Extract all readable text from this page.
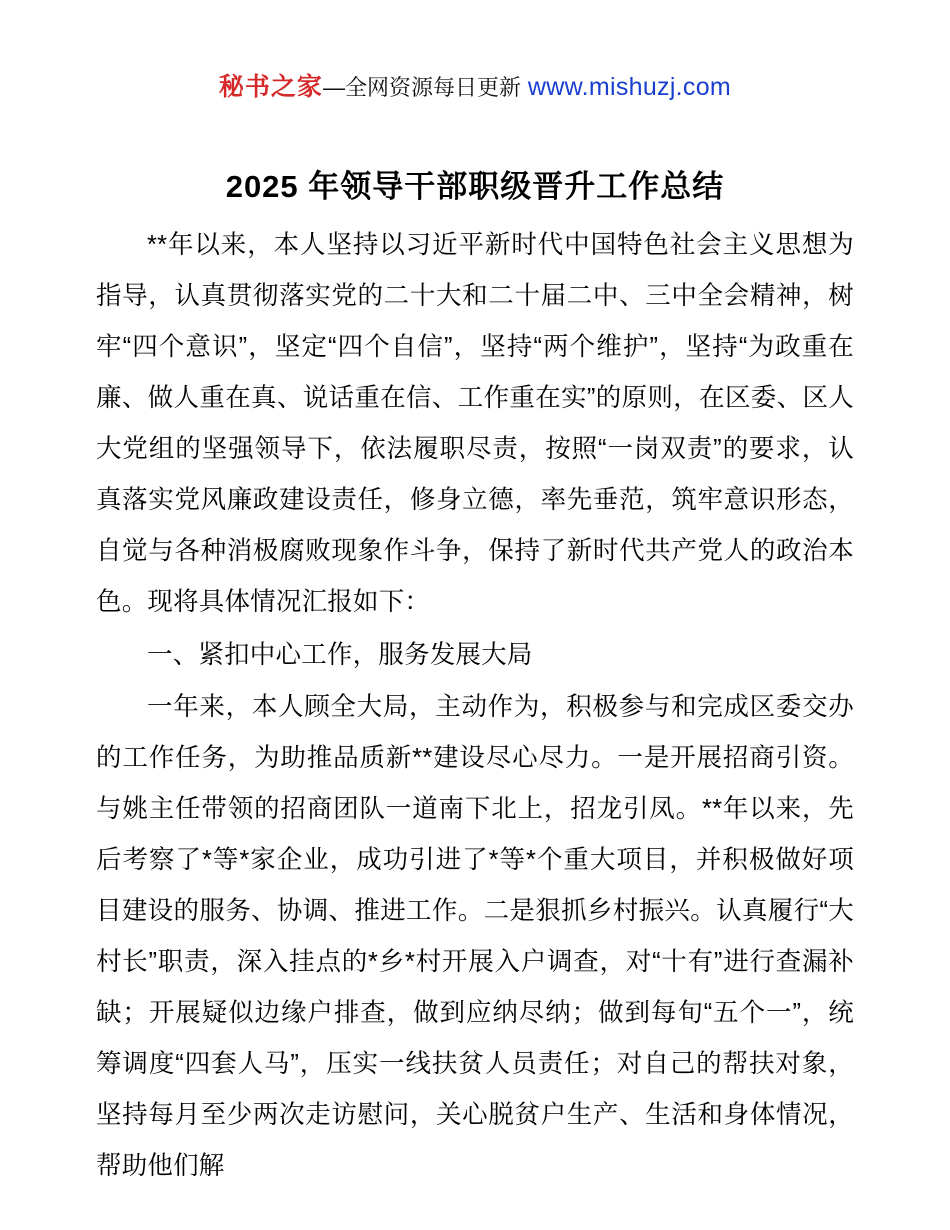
秘书之家—全网资源每日更新 www.mishuzj.com
2025 年领导干部职级晋升工作总结

**年以来，本人坚持以习近平新时代中国特色社会主义思想为指导，认真贯彻落实党的二十大和二十届二中、三中全会精神，树牢“四个意识”，坚定“四个自信”，坚持“两个维护”，坚持“为政重在廉、做人重在真、说话重在信、工作重在实”的原则，在区委、区人大党组的坚强领导下，依法履职尽责，按照“一岗双责”的要求，认真落实党风廉政建设责任，修身立德，率先垂范，筑牢意识形态，自觉与各种消极腐败现象作斗争，保持了新时代共产党人的政治本色。现将具体情况汇报如下：

一、紧扣中心工作，服务发展大局

一年来，本人顾全大局，主动作为，积极参与和完成区委交办的工作任务，为助推品质新**建设尽心尽力。一是开展招商引资。与姚主任带领的招商团队一道南下北上，招龙引凤。**年以来，先后考察了*等*家企业，成功引进了*等*个重大项目，并积极做好项目建设的服务、协调、推进工作。二是狠抓乡村振兴。认真履行“大村长”职责，深入挂点的*乡*村开展入户调查，对“十有”进行查漏补缺；开展疑似边缘户排查，做到应纳尽纳；做到每旬“五个一”，统筹调度“四套人马”，压实一线扶贫人员责任；对自己的帮扶对象，坚持每月至少两次走访慰问，关心脱贫户生产、生活和身体情况，帮助他们解
